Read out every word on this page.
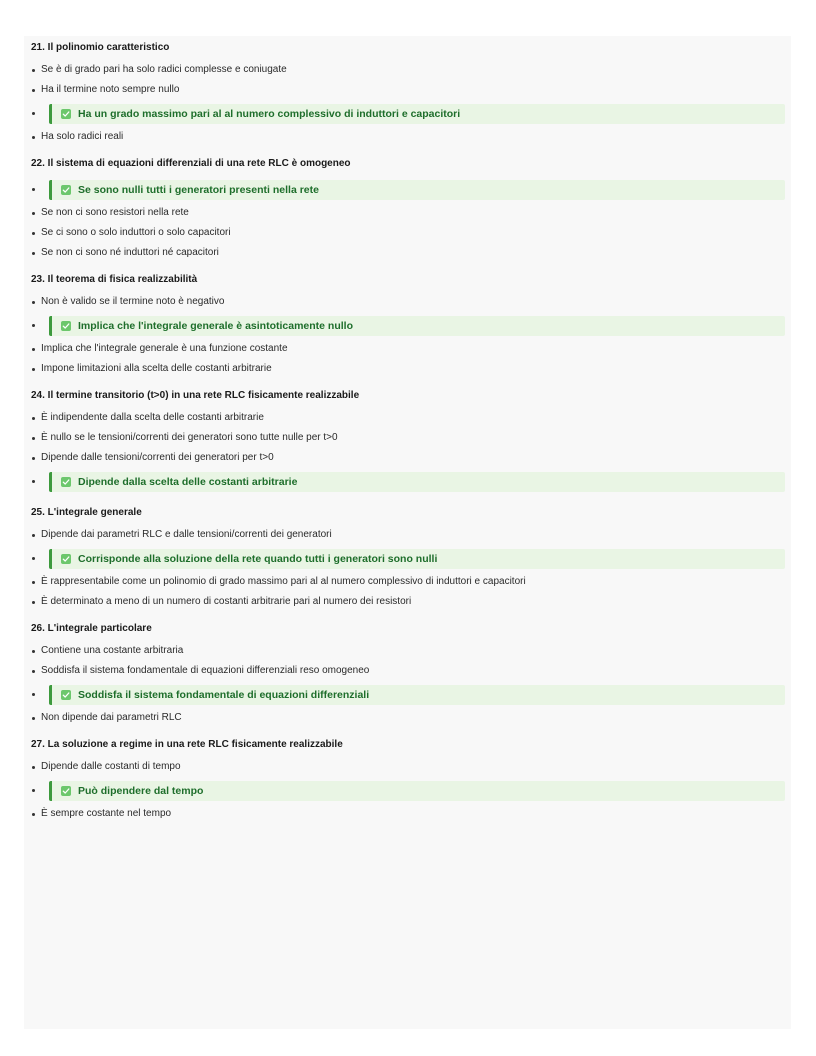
21. Il polinomio caratteristico
Se è di grado pari ha solo radici complesse e coniugate
Ha il termine noto sempre nullo
Ha un grado massimo pari al al numero complessivo di induttori e capacitori
Ha solo radici reali
22. Il sistema di equazioni differenziali di una rete RLC è omogeneo
Se sono nulli tutti i generatori presenti nella rete
Se non ci sono resistori nella rete
Se ci sono o solo induttori o solo capacitori
Se non ci sono né induttori né capacitori
23. Il teorema di fisica realizzabilità
Non è valido se il termine noto è negativo
Implica che l'integrale generale è asintoticamente nullo
Implica che l'integrale generale è una funzione costante
Impone limitazioni alla scelta delle costanti arbitrarie
24. Il termine transitorio (t>0) in una rete RLC fisicamente realizzabile
È indipendente dalla scelta delle costanti arbitrarie
È nullo se le tensioni/correnti dei generatori sono tutte nulle per t>0
Dipende dalle tensioni/correnti dei generatori per t>0
Dipende dalla scelta delle costanti arbitrarie
25. L'integrale generale
Dipende dai parametri RLC e dalle tensioni/correnti dei generatori
Corrisponde alla soluzione della rete quando tutti i generatori sono nulli
È rappresentabile come un polinomio di grado massimo pari al al numero complessivo di induttori e capacitori
È determinato a meno di un numero di costanti arbitrarie pari al numero dei resistori
26. L'integrale particolare
Contiene una costante arbitraria
Soddisfa il sistema fondamentale di equazioni differenziali reso omogeneo
Soddisfa il sistema fondamentale di equazioni differenziali
Non dipende dai parametri RLC
27. La soluzione a regime in una rete RLC fisicamente realizzabile
Dipende dalle costanti di tempo
Può dipendere dal tempo
È sempre costante nel tempo
